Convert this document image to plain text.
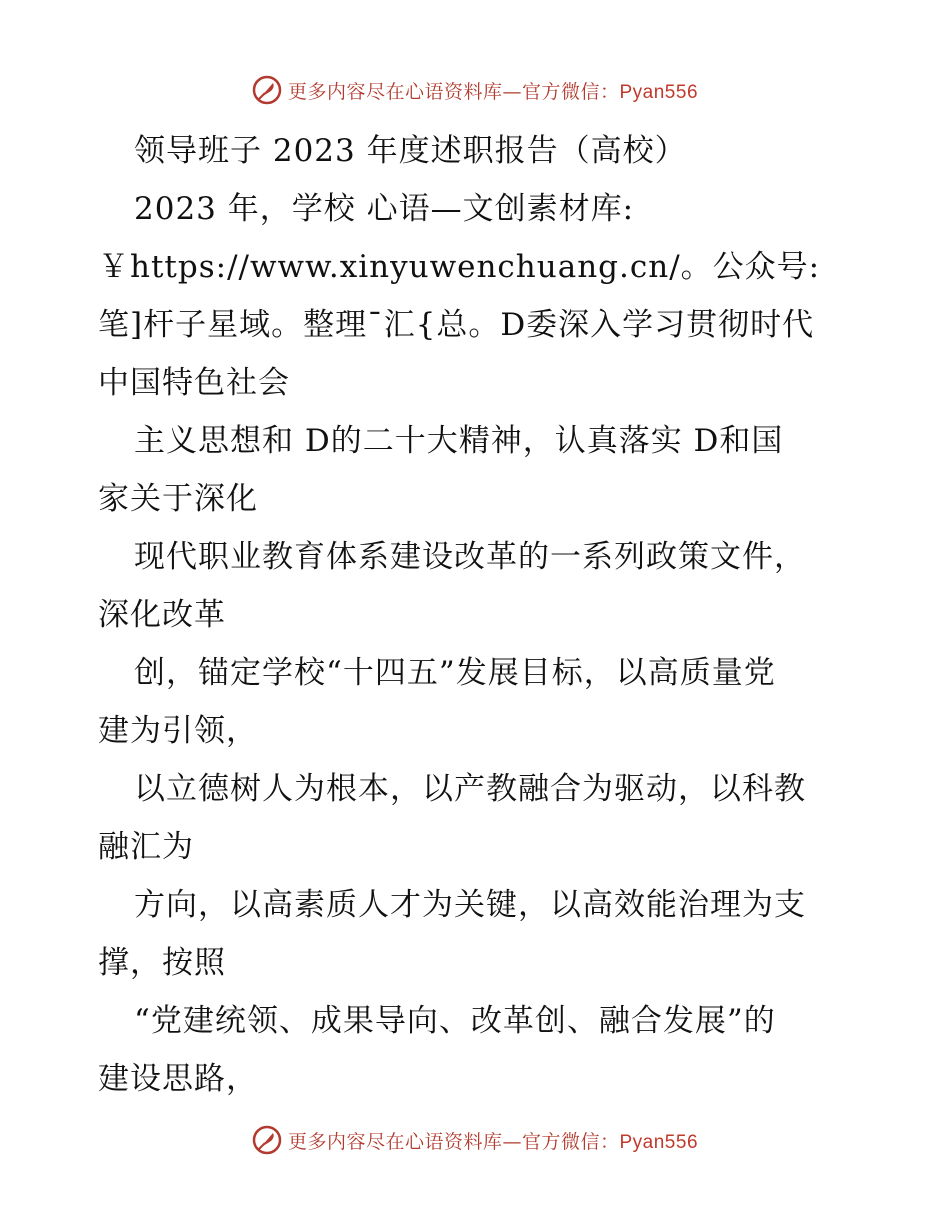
更多内容尽在心语资料库—官方微信：Pyan556
领导班子 2023 年度述职报告（高校）
2023 年，学校 心语—文创素材库:
￥https://www.xinyuwenchuang.cn/。公众号:
笔]杆子星域。整理¯汇{总。D委深入学习贯彻时代
中国特色社会
主义思想和 D的二十大精神，认真落实 D和国
家关于深化
现代职业教育体系建设改革的一系列政策文件，
深化改革
创，锚定学校“十四五”发展目标，以高质量党
建为引领，
以立德树人为根本，以产教融合为驱动，以科教
融汇为
方向，以高素质人才为关键，以高效能治理为支
撑，按照
“党建统领、成果导向、改革创、融合发展”的
建设思路，
更多内容尽在心语资料库—官方微信：Pyan556
